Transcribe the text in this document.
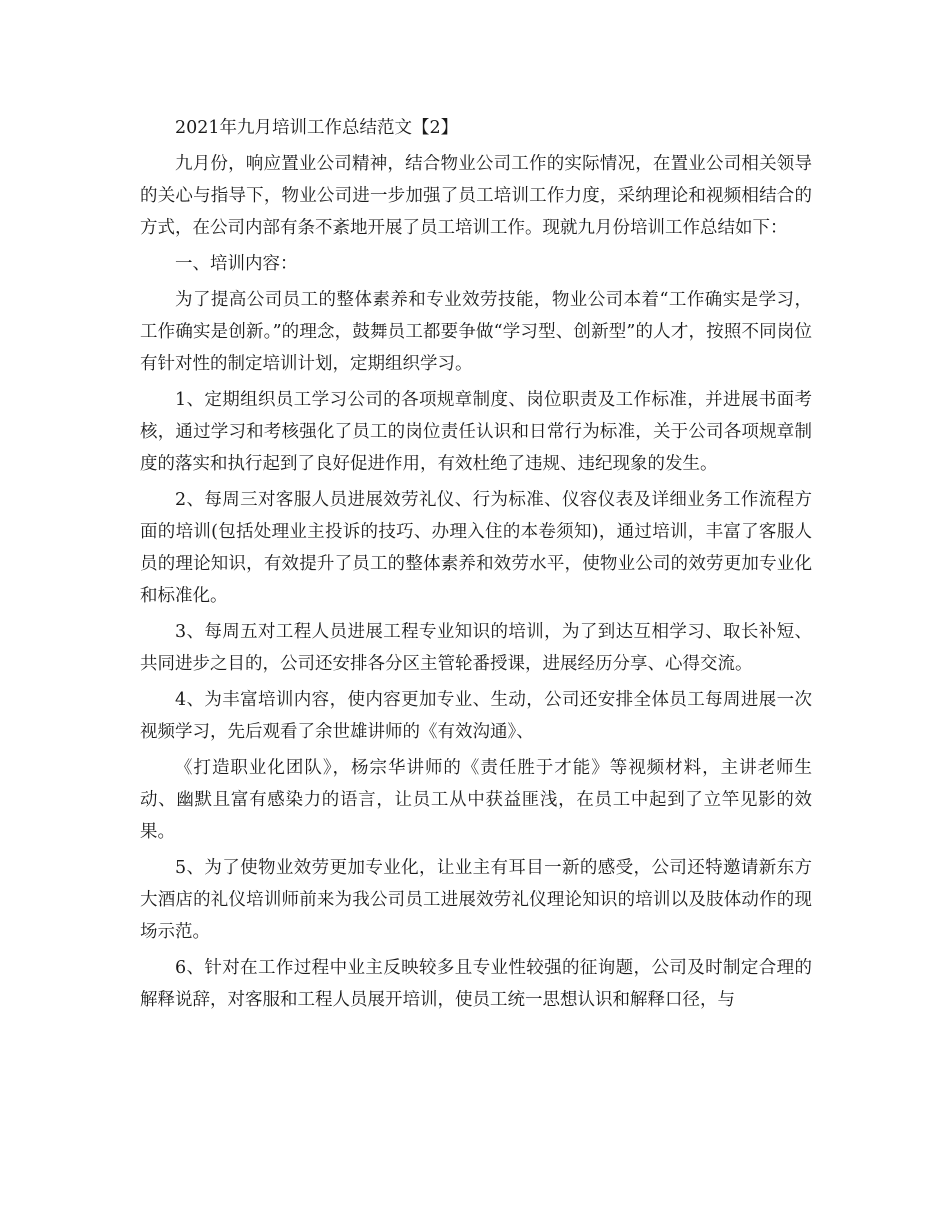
2021年九月培训工作总结范文【2】

九月份，响应置业公司精神，结合物业公司工作的实际情况，在置业公司相关领导的关心与指导下，物业公司进一步加强了员工培训工作力度，采纳理论和视频相结合的方式，在公司内部有条不紊地开展了员工培训工作。现就九月份培训工作总结如下：

一、培训内容：

为了提高公司员工的整体素养和专业效劳技能，物业公司本着“工作确实是学习，工作确实是创新。”的理念，鼓舞员工都要争做“学习型、创新型”的人才，按照不同岗位有针对性的制定培训计划，定期组织学习。

1、定期组织员工学习公司的各项规章制度、岗位职责及工作标准，并进展书面考核，通过学习和考核强化了员工的岗位责任认识和日常行为标准，关于公司各项规章制度的落实和执行起到了良好促进作用，有效杜绝了违规、违纪现象的发生。

2、每周三对客服人员进展效劳礼仪、行为标准、仪容仪表及详细业务工作流程方面的培训(包括处理业主投诉的技巧、办理入住的本卷须知)，通过培训，丰富了客服人员的理论知识，有效提升了员工的整体素养和效劳水平，使物业公司的效劳更加专业化和标准化。

3、每周五对工程人员进展工程专业知识的培训，为了到达互相学习、取长补短、共同进步之目的，公司还安排各分区主管轮番授课，进展经历分享、心得交流。

4、为丰富培训内容，使内容更加专业、生动，公司还安排全体员工每周进展一次视频学习，先后观看了余世雄讲师的《有效沟通》、

《打造职业化团队》，杨宗华讲师的《责任胜于才能》等视频材料，主讲老师生动、幽默且富有感染力的语言，让员工从中获益匪浅，在员工中起到了立竿见影的效果。

5、为了使物业效劳更加专业化，让业主有耳目一新的感受，公司还特邀请新东方大酒店的礼仪培训师前来为我公司员工进展效劳礼仪理论知识的培训以及肢体动作的现场示范。

6、针对在工作过程中业主反映较多且专业性较强的征询题，公司及时制定合理的解释说辞，对客服和工程人员展开培训，使员工统一思想认识和解释口径，与
